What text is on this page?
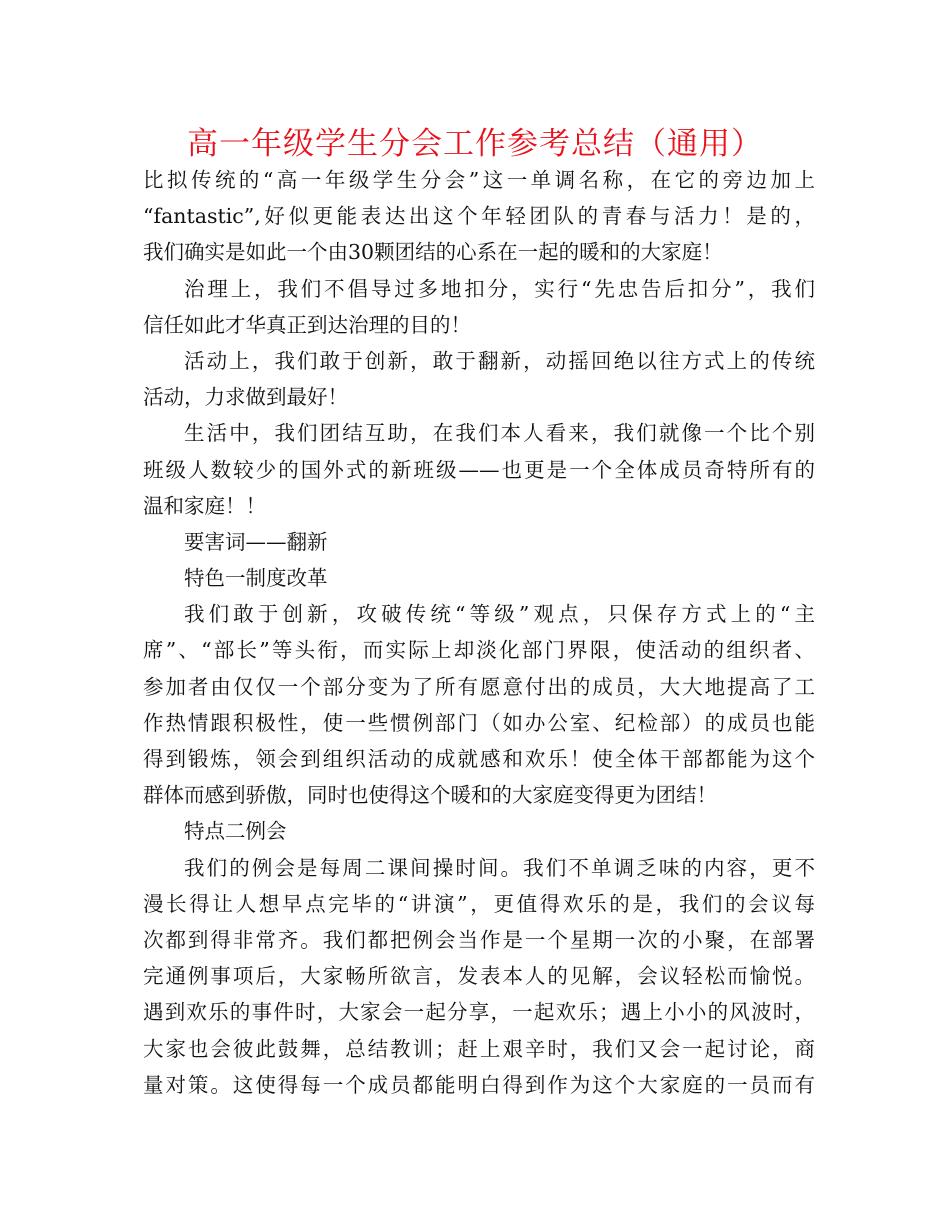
高一年级学生分会工作参考总结（通用）
比拟传统的“高一年级学生分会”这一单调名称，在它的旁边加上
“fantastic”,好似更能表达出这个年轻团队的青春与活力！是的，
我们确实是如此一个由30颗团结的心系在一起的暖和的大家庭！
治理上，我们不倡导过多地扣分，实行“先忠告后扣分”，我们
信任如此才华真正到达治理的目的！
活动上，我们敢于创新，敢于翻新，动摇回绝以往方式上的传统
活动，力求做到最好！
生活中，我们团结互助，在我们本人看来，我们就像一个比个别
班级人数较少的国外式的新班级——也更是一个全体成员奇特所有的
温和家庭！！
要害词——翻新
特色一制度改革
我们敢于创新，攻破传统“等级”观点，只保存方式上的“主
席”、“部长”等头衔，而实际上却淡化部门界限，使活动的组织者、
参加者由仅仅一个部分变为了所有愿意付出的成员，大大地提高了工
作热情跟积极性，使一些惯例部门（如办公室、纪检部）的成员也能
得到锻炼，领会到组织活动的成就感和欢乐！使全体干部都能为这个
群体而感到骄傲，同时也使得这个暖和的大家庭变得更为团结！
特点二例会
我们的例会是每周二课间操时间。我们不单调乏味的内容，更不
漫长得让人想早点完毕的“讲演”，更值得欢乐的是，我们的会议每
次都到得非常齐。我们都把例会当作是一个星期一次的小聚，在部署
完通例事项后，大家畅所欲言，发表本人的见解，会议轻松而愉悦。
遇到欢乐的事件时，大家会一起分享，一起欢乐；遇上小小的风波时，
大家也会彼此鼓舞，总结教训；赶上艰辛时，我们又会一起讨论，商
量对策。这使得每一个成员都能明白得到作为这个大家庭的一员而有
